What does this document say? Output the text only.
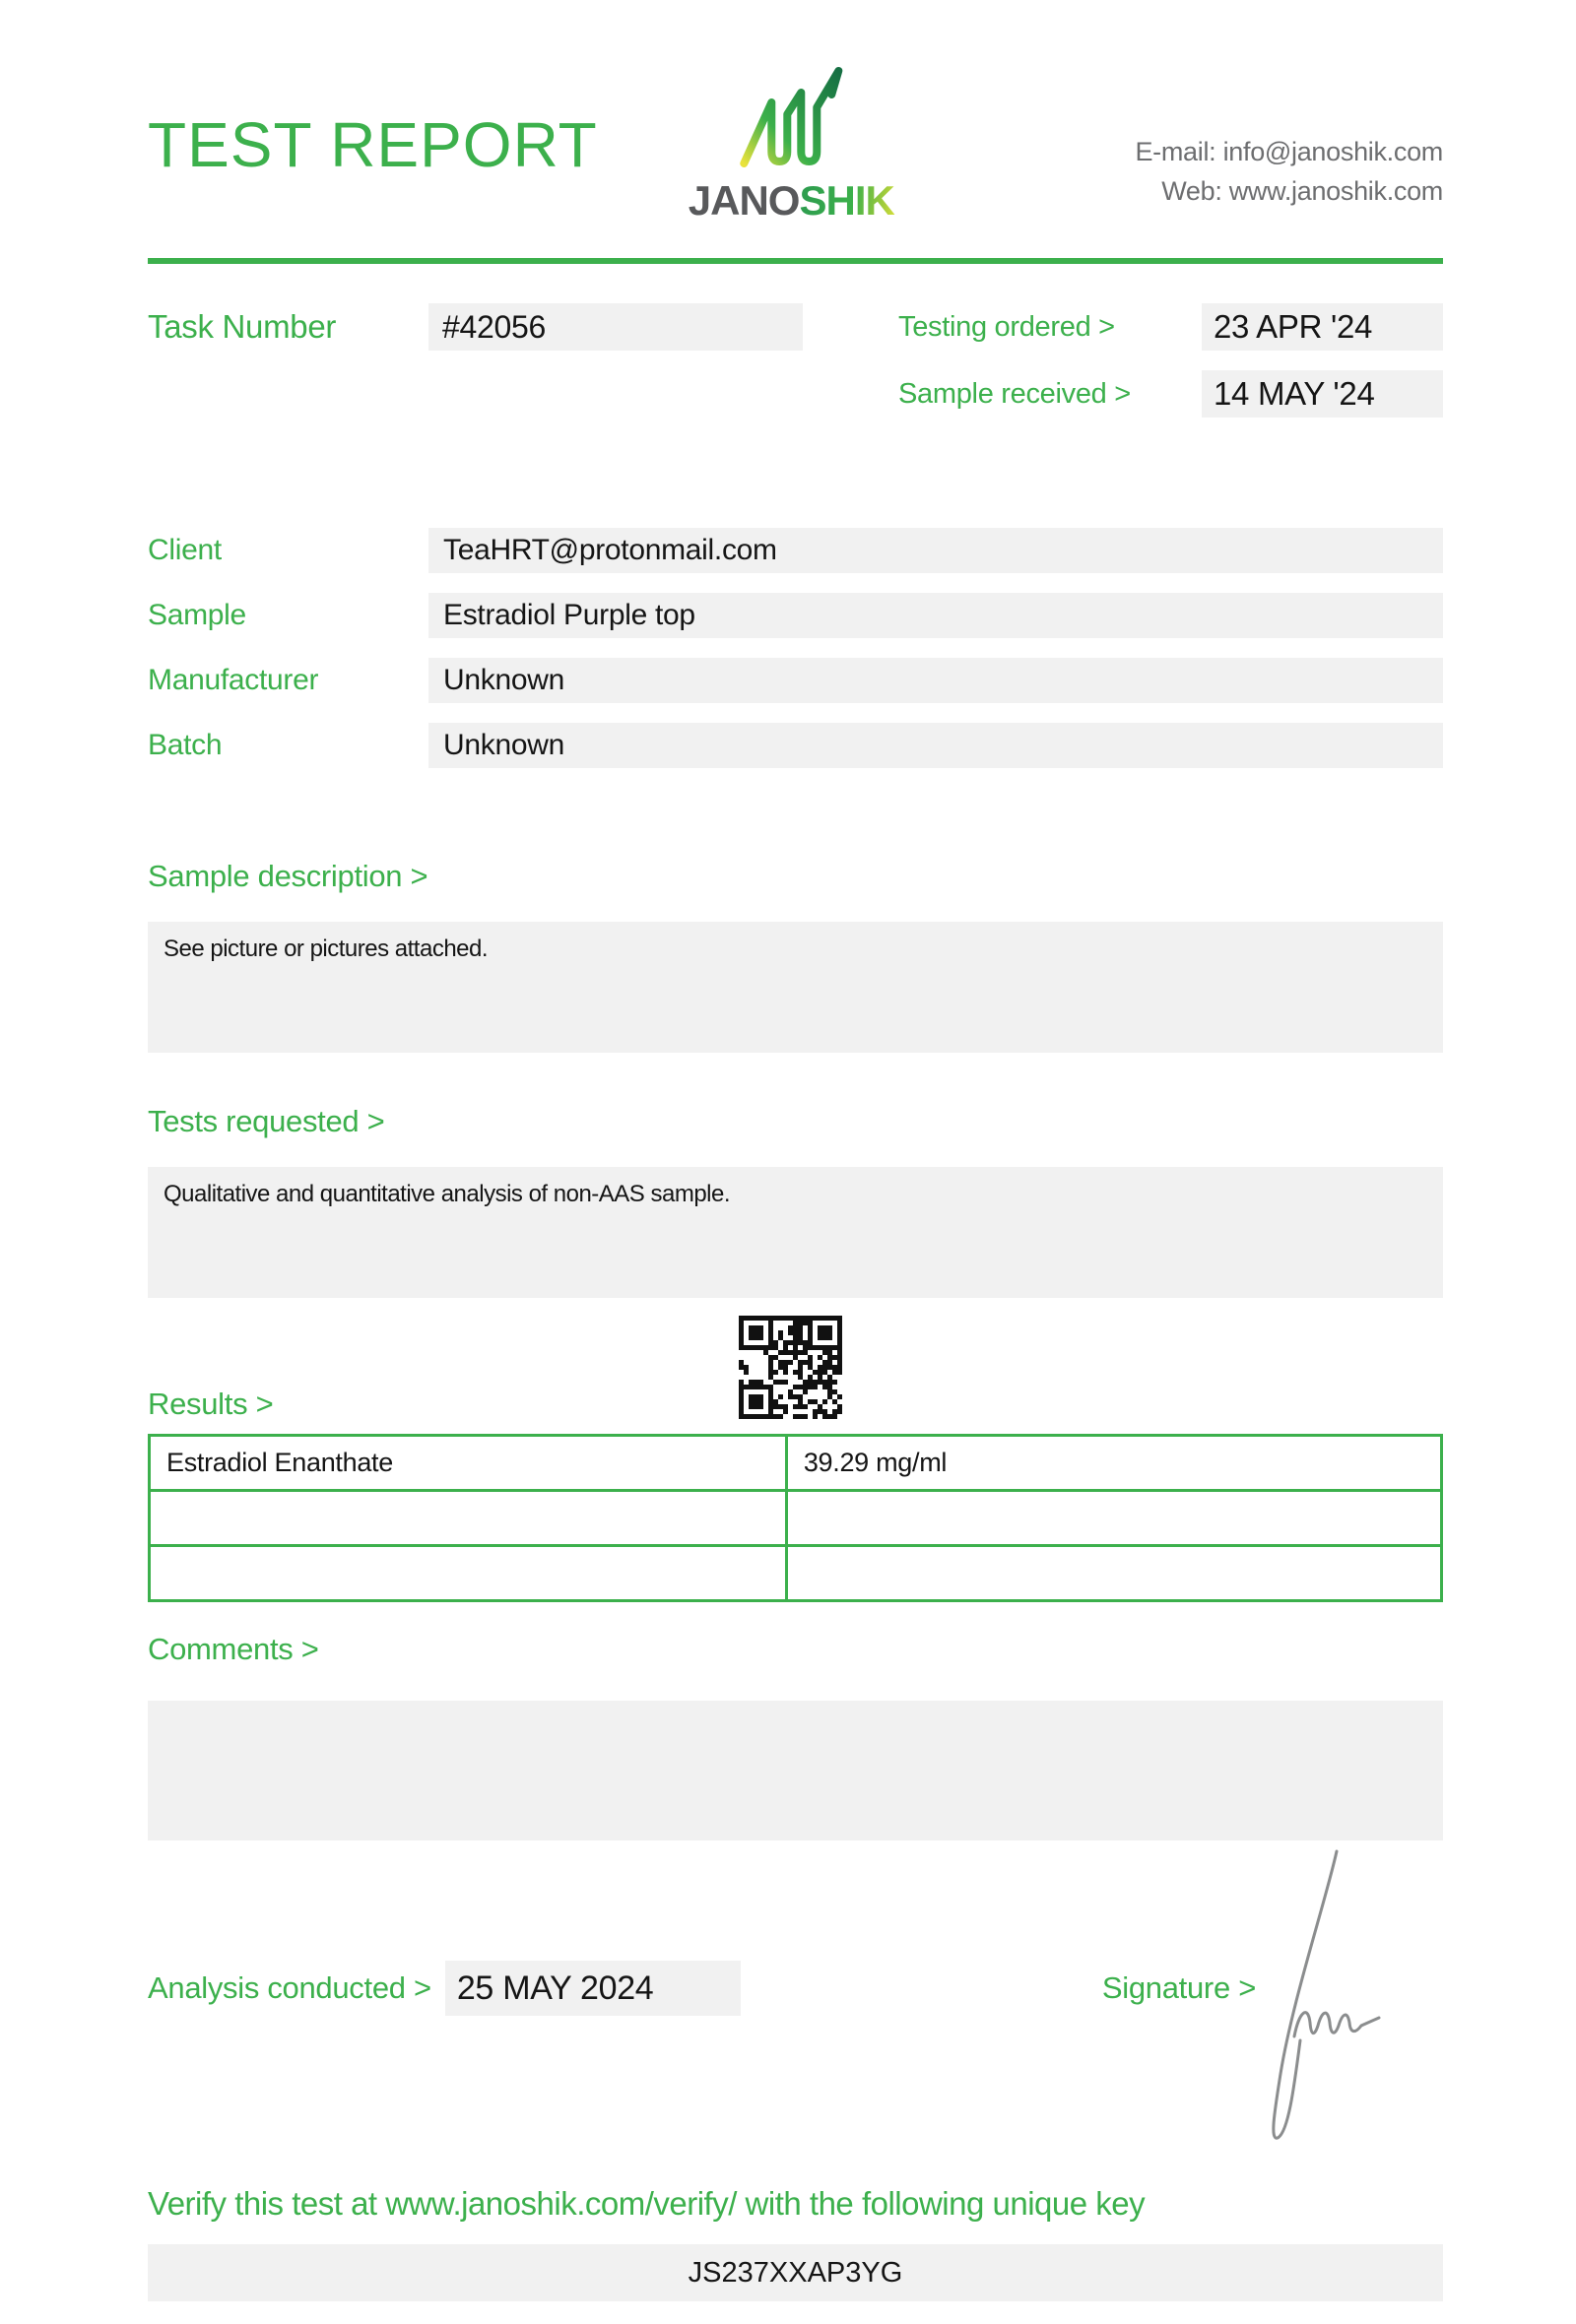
TEST REPORT
JANOSHIK
E-mail: info@janoshik.com
Web: www.janoshik.com
Task Number	#42056	Testing ordered >	23 APR '24
Sample received >	14 MAY '24
Client	TeaHRT@protonmail.com
Sample	Estradiol Purple top
Manufacturer	Unknown
Batch	Unknown
Sample description >
See picture or pictures attached.
Tests requested >
Qualitative and quantitative analysis of non-AAS sample.
Results >
Estradiol Enanthate	39.29 mg/ml

Comments >
Analysis conducted > 25 MAY 2024	Signature >
Verify this test at www.janoshik.com/verify/ with the following unique key
JS237XXAP3YG
